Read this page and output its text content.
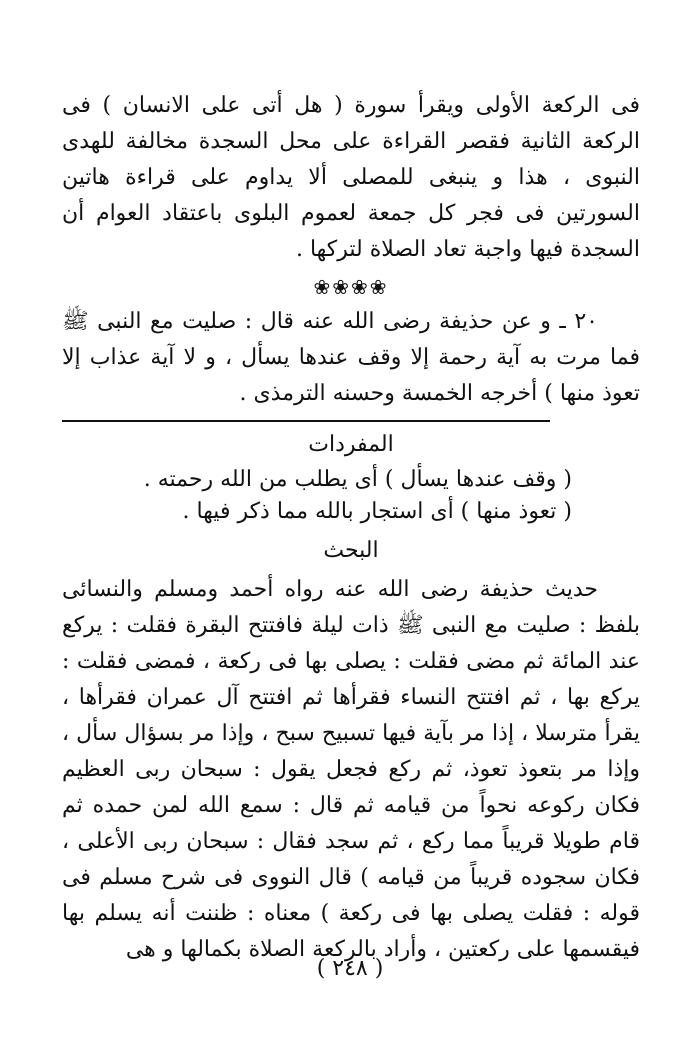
فى الركعة الأولى ويقرأ سورة ( هل أتى على الانسان ) فى الركعة الثانية فقصر القراءة على محل السجدة مخالفة للهدى النبوى ، هذا و ينبغى للمصلى ألا يداوم على قراءة هاتين السورتين فى فجر كل جمعة لعموم البلوى باعتقاد العوام أن السجدة فيها واجبة تعاد الصلاة لتركها .

❀❀❀❀

٢٠ ـ و عن حذيفة رضى الله عنه قال : صليت مع النبى ﷺ فما مرت به آية رحمة إلا وقف عندها يسأل ، و لا آية عذاب إلا تعوذ منها ) أخرجه الخمسة وحسنه الترمذى .

المفردات

( وقف عندها يسأل ) أى يطلب من الله رحمته .

( تعوذ منها ) أى استجار بالله مما ذكر فيها .

البحث

حديث حذيفة رضى الله عنه رواه أحمد ومسلم والنسائى بلفظ : صليت مع النبى ﷺ ذات ليلة فافتتح البقرة فقلت : يركع عند المائة ثم مضى فقلت : يصلى بها فى ركعة ، فمضى فقلت : يركع بها ، ثم افتتح النساء فقرأها ثم افتتح آل عمران فقرأها ، يقرأ مترسلا ، إذا مر بآية فيها تسبيح سبح ، وإذا مر بسؤال سأل ، وإذا مر بتعوذ تعوذ، ثم ركع فجعل يقول : سبحان ربى العظيم فكان ركوعه نحواً من قيامه ثم قال : سمع الله لمن حمده ثم قام طويلا قريباً مما ركع ، ثم سجد فقال : سبحان ربى الأعلى ، فكان سجوده قريباً من قيامه ) قال النووى فى شرح مسلم فى قوله : فقلت يصلى بها فى ركعة ) معناه : ظننت أنه يسلم بها فيقسمها على ركعتين ، وأراد بالركعة الصلاة بكمالها و هى

( ٢٤٨ )
